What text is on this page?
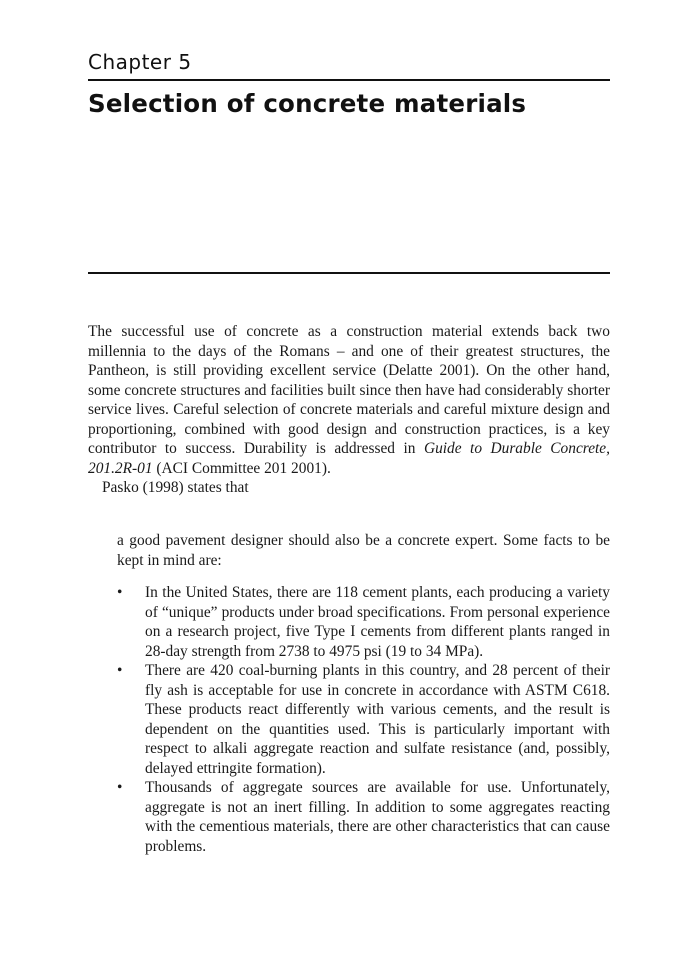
Chapter 5
Selection of concrete materials

The successful use of concrete as a construction material extends back two millennia to the days of the Romans – and one of their greatest structures, the Pantheon, is still providing excellent service (Delatte 2001). On the other hand, some concrete structures and facilities built since then have had considerably shorter service lives. Careful selection of concrete materials and careful mixture design and proportioning, combined with good design and construction practices, is a key contributor to success. Durability is addressed in Guide to Durable Concrete, 201.2R-01 (ACI Committee 201 2001).

Pasko (1998) states that

a good pavement designer should also be a concrete expert. Some facts to be kept in mind are:

•	In the United States, there are 118 cement plants, each producing a variety of “unique” products under broad specifications. From personal experience on a research project, five Type I cements from different plants ranged in 28-day strength from 2738 to 4975 psi (19 to 34 MPa).
•	There are 420 coal-burning plants in this country, and 28 percent of their fly ash is acceptable for use in concrete in accordance with ASTM C618. These products react differently with various cements, and the result is dependent on the quantities used. This is particularly important with respect to alkali aggregate reaction and sulfate resistance (and, possibly, delayed ettringite formation).
•	Thousands of aggregate sources are available for use. Unfortunately, aggregate is not an inert filling. In addition to some aggregates reacting with the cementious materials, there are other characteristics that can cause problems.
